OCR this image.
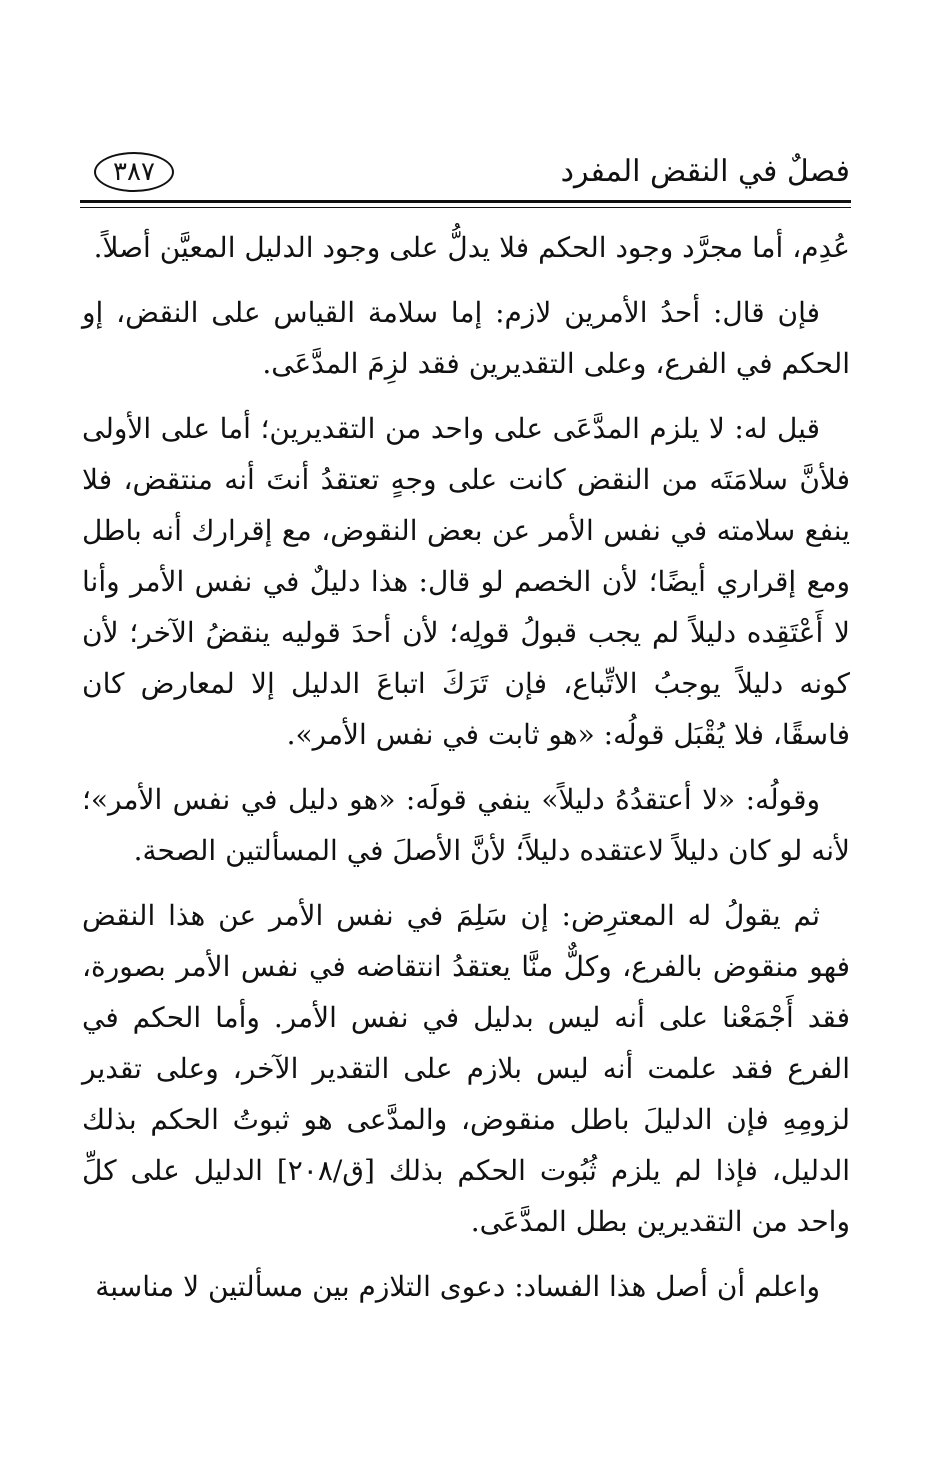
فصلٌ في النقض المفرد
٣٨٧

عُدِم، أما مجرَّد وجود الحكم فلا يدلُّ على وجود الدليل المعيَّن أصلاً.

فإن قال: أحدُ الأمرين لازم: إما سلامة القياس على النقض، إو الحكم في الفرع، وعلى التقديرين فقد لزِمَ المدَّعَى.

قيل له: لا يلزم المدَّعَى على واحد من التقديرين؛ أما على الأولى فلأنَّ سلامَتَه من النقض كانت على وجهٍ تعتقدُ أنتَ أنه منتقض، فلا ينفع سلامته في نفس الأمر عن بعض النقوض، مع إقرارك أنه باطل ومع إقراري أيضًا؛ لأن الخصم لو قال: هذا دليلٌ في نفس الأمر وأنا لا أَعْتَقِده دليلاً لم يجب قبولُ قولِه؛ لأن أحدَ قوليه ينقضُ الآخر؛ لأن كونه دليلاً يوجبُ الاتِّباع، فإن تَرَكَ اتباعَ الدليل إلا لمعارض كان فاسقًا، فلا يُقْبَل قولُه: «هو ثابت في نفس الأمر».

وقولُه: «لا أعتقدُهُ دليلاً» ينفي قولَه: «هو دليل في نفس الأمر»؛ لأنه لو كان دليلاً لاعتقده دليلاً؛ لأنَّ الأصلَ في المسألتين الصحة.

ثم يقولُ له المعترِض: إن سَلِمَ في نفس الأمر عن هذا النقض فهو منقوض بالفرع، وكلٌّ منَّا يعتقدُ انتقاضه في نفس الأمر بصورة، فقد أَجْمَعْنا على أنه ليس بدليل في نفس الأمر. وأما الحكم في الفرع فقد علمت أنه ليس بلازم على التقدير الآخر، وعلى تقدير لزومِهِ فإن الدليلَ باطل منقوض، والمدَّعى هو ثبوتُ الحكم بذلك الدليل، فإذا لم يلزم ثُبُوت الحكم بذلك [ق/٢٠٨] الدليل على كلِّ واحد من التقديرين بطل المدَّعَى.

واعلم أن أصل هذا الفساد: دعوى التلازم بين مسألتين لا مناسبة
